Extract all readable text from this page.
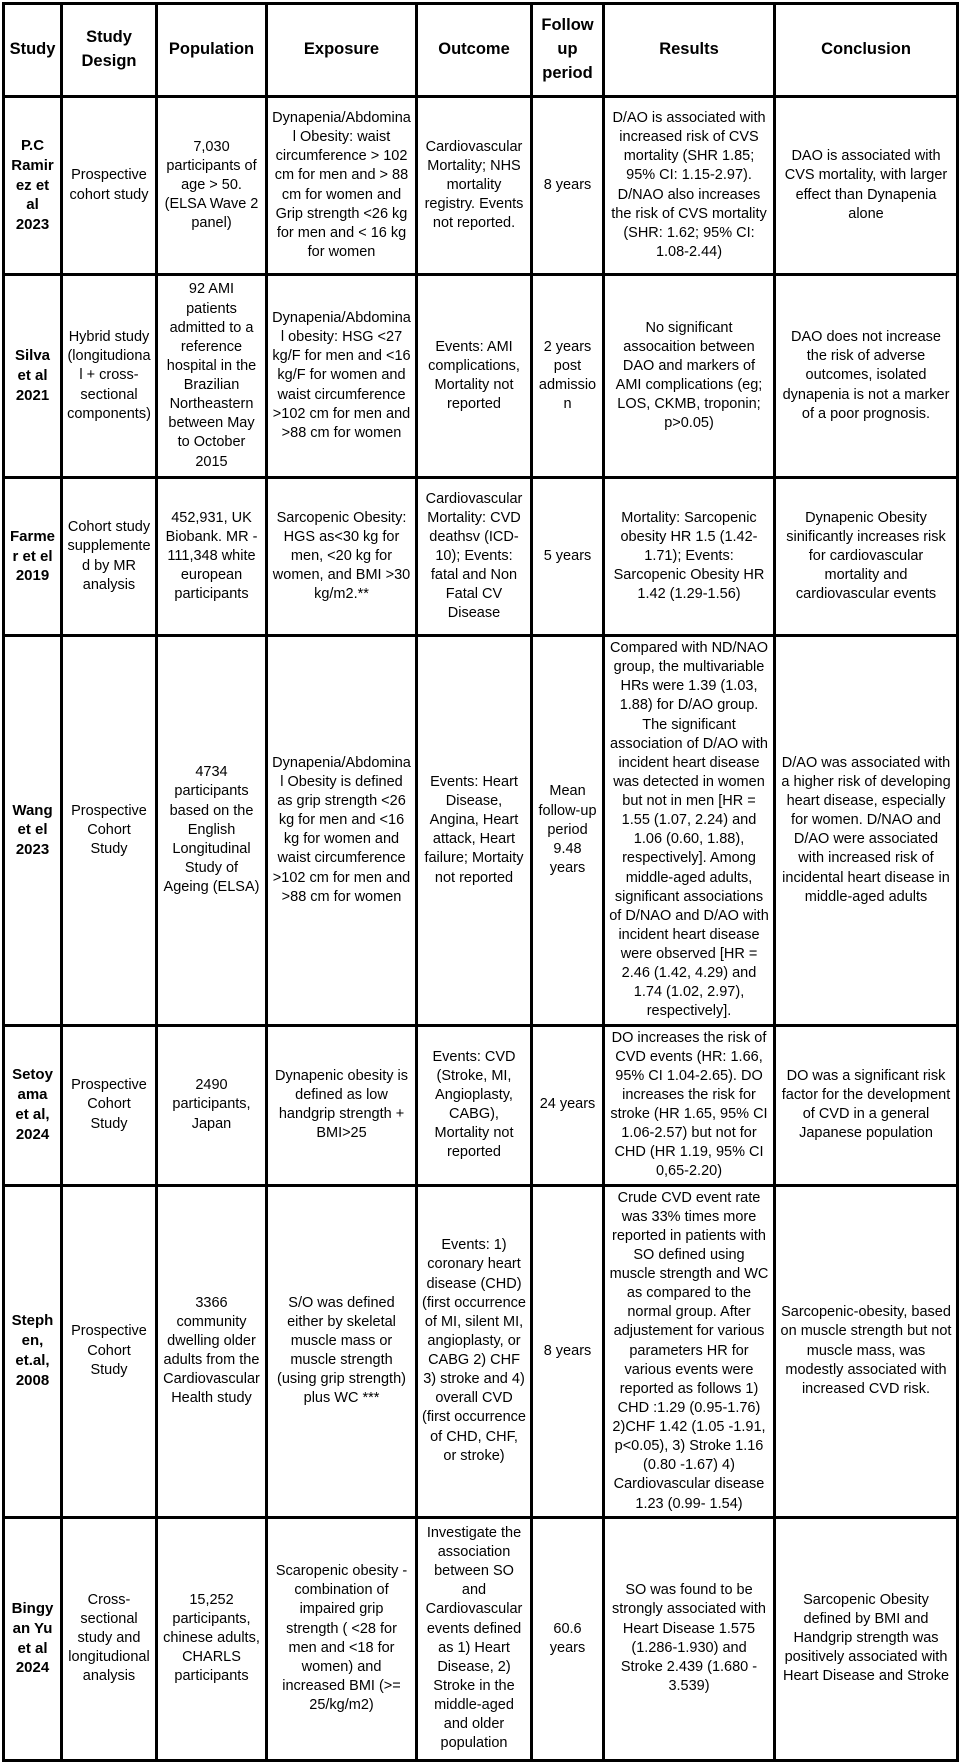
Study	Study Design	Population	Exposure	Outcome	Follow up period	Results	Conclusion
P.C Ramirez et al 2023	Prospective cohort study	7,030 participants of age > 50. (ELSA Wave 2 panel)	Dynapenia/Abdominal Obesity: waist circumference > 102 cm for men and > 88 cm for women and Grip strength <26 kg for men and < 16 kg for women	Cardiovascular Mortality; NHS mortality registry. Events not reported.	8 years	D/AO is associated with increased risk of CVS mortality (SHR 1.85; 95% CI: 1.15-2.97). D/NAO also increases the risk of CVS mortality (SHR: 1.62; 95% CI: 1.08-2.44)	DAO is associated with CVS mortality, with larger effect than Dynapenia alone
Silva et al 2021	Hybrid study (longitudional + cross-sectional components)	92 AMI patients admitted to a reference hospital in the Brazilian Northeastern between May to October 2015	Dynapenia/Abdominal obesity: HSG <27 kg/F for men and <16 kg/F for women and waist circumference >102 cm for men and >88 cm for women	Events: AMI complications, Mortality not reported	2 years post admission	No significant assocaition between DAO and markers of AMI complications (eg; LOS, CKMB, troponin; p>0.05)	DAO does not increase the risk of adverse outcomes, isolated dynapenia is not a marker of a poor prognosis.
Farmer et el 2019	Cohort study supplemented by MR analysis	452,931, UK Biobank. MR - 111,348 white european participants	Sarcopenic Obesity: HGS as<30 kg for men, <20 kg for women, and BMI >30 kg/m2.**	Cardiovascular Mortality: CVD deathsv (ICD-10); Events: fatal and Non Fatal CV Disease	5 years	Mortality: Sarcopenic obesity HR 1.5 (1.42-1.71); Events: Sarcopenic Obesity HR 1.42 (1.29-1.56)	Dynapenic Obesity sinificantly increases risk for cardiovascular mortality and cardiovascular events
Wang et el 2023	Prospective Cohort Study	4734 participants based on the English Longitudinal Study of Ageing (ELSA)	Dynapenia/Abdominal Obesity is defined as grip strength <26 kg for men and <16 kg for women and waist circumference >102 cm for men and >88 cm for women	Events: Heart Disease, Angina, Heart attack, Heart failure; Mortaity not reported	Mean follow-up period 9.48 years	Compared with ND/NAO group, the multivariable HRs were 1.39 (1.03, 1.88) for D/AO group. The significant association of D/AO with incident heart disease was detected in women but not in men [HR = 1.55 (1.07, 2.24) and 1.06 (0.60, 1.88), respectively]. Among middle-aged adults, significant associations of D/NAO and D/AO with incident heart disease were observed [HR = 2.46 (1.42, 4.29) and 1.74 (1.02, 2.97), respectively].	D/AO was associated with a higher risk of developing heart disease, especially for women. D/NAO and D/AO were associated with increased risk of incidental heart disease in middle-aged adults
Setoyama et al, 2024	Prospective Cohort Study	2490 participants, Japan	Dynapenic obesity is defined as low handgrip strength + BMI>25	Events: CVD (Stroke, MI, Angioplasty, CABG), Mortality not reported	24 years	DO increases the risk of CVD events (HR: 1.66, 95% CI 1.04-2.65). DO increases the risk for stroke (HR 1.65, 95% CI 1.06-2.57) but not for CHD (HR 1.19, 95% CI 0,65-2.20)	DO was a significant risk factor for the development of CVD in a general Japanese population
Stephen, et.al, 2008	Prospective Cohort Study	3366 community dwelling older adults from the Cardiovascular Health study	S/O was defined either by skeletal muscle mass or muscle strength (using grip strength) plus WC ***	Events: 1) coronary heart disease (CHD) (first occurrence of MI, silent MI, angioplasty, or CABG 2) CHF 3) stroke and 4) overall CVD (first occurrence of CHD, CHF, or stroke)	8 years	Crude CVD event rate was 33% times more reported in patients with SO defined using muscle strength and WC as compared to the normal group. After adjustement for various parameters HR for various events were reported as follows 1) CHD :1.29 (0.95-1.76) 2)CHF 1.42 (1.05 -1.91, p<0.05), 3) Stroke 1.16 (0.80 -1.67) 4) Cardiovascular disease 1.23 (0.99- 1.54)	Sarcopenic-obesity, based on muscle strength but not muscle mass, was modestly associated with increased CVD risk.
Bingyan Yu et al 2024	Cross-sectional study and longitudional analysis	15,252 participants, chinese adults, CHARLS participants	Scaropenic obesity - combination of impaired grip strength ( <28 for men and <18 for women) and increased BMI (>= 25/kg/m2)	Investigate the association between SO and Cardiovascular events defined as 1) Heart Disease, 2) Stroke in the middle-aged and older population	60.6 years	SO was found to be strongly associated with Heart Disease 1.575 (1.286-1.930) and Stroke 2.439 (1.680 - 3.539)	Sarcopenic Obesity defined by BMI and Handgrip strength was positively associated with Heart Disease and Stroke
